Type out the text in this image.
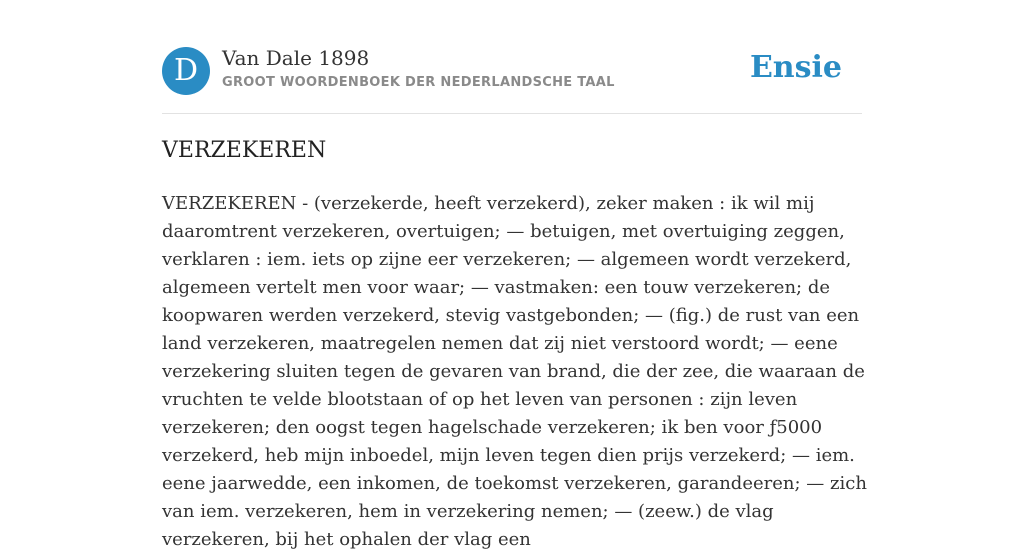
D	Van Dale 1898
GROOT WOORDENBOEK DER NEDERLANDSCHE TAAL	Ensie
VERZEKEREN

VERZEKEREN - (verzekerde, heeft verzekerd), zeker maken : ik wil mij daaromtrent verzekeren, overtuigen; — betuigen, met overtuiging zeggen, verklaren : iem. iets op zijne eer verzekeren; — algemeen wordt verzekerd, algemeen vertelt men voor waar; — vastmaken: een touw verzekeren; de koopwaren werden verzekerd, stevig vastgebonden; — (fig.) de rust van een land verzekeren, maatregelen nemen dat zij niet verstoord wordt; — eene verzekering sluiten tegen de gevaren van brand, die der zee, die waaraan de vruchten te velde blootstaan of op het leven van personen : zijn leven verzekeren; den oogst tegen hagelschade verzekeren; ik ben voor ƒ5000 verzekerd, heb mijn inboedel, mijn leven tegen dien prijs verzekerd; — iem. eene jaarwedde, een inkomen, de toekomst verzekeren, garandeeren; — zich van iem. verzekeren, hem in verzekering nemen; — (zeew.) de vlag verzekeren, bij het ophalen der vlag een
